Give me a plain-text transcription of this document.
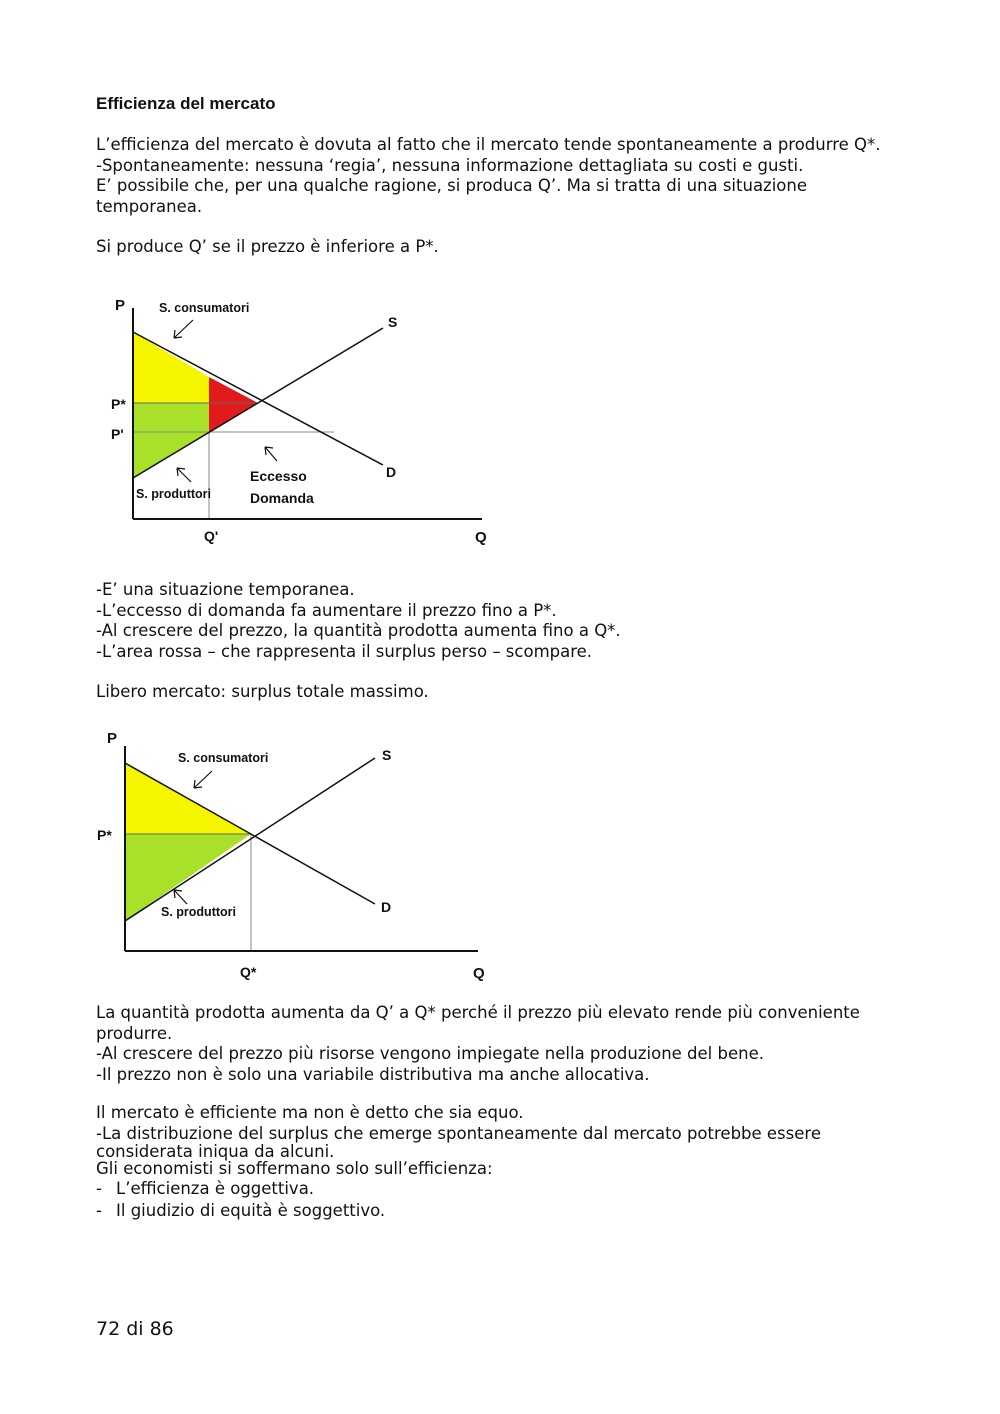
Efficienza del mercato

L’efficienza del mercato è dovuta al fatto che il mercato tende spontaneamente a produrre Q*.

-Spontaneamente: nessuna ‘regia’, nessuna informazione dettagliata su costi e gusti.

E’ possibile che, per una qualche ragione, si produca Q’. Ma si tratta di una situazione

temporanea.

Si produce Q’ se il prezzo è inferiore a P*.

P	S. consumatori
S
P*
P'
Eccesso
Domanda
D
S. produttori
Q'	Q

-E’ una situazione temporanea.

-L’eccesso di domanda fa aumentare il prezzo fino a P*.

-Al crescere del prezzo, la quantità prodotta aumenta fino a Q*.

-L’area rossa – che rappresenta il surplus perso – scompare.

Libero mercato: surplus totale massimo.

P
S. consumatori	S
P*
D
S. produttori
Q*	Q

La quantità prodotta aumenta da Q’ a Q* perché il prezzo più elevato rende più conveniente

produrre.

-Al crescere del prezzo più risorse vengono impiegate nella produzione del bene.

-Il prezzo non è solo una variabile distributiva ma anche allocativa.

Il mercato è efficiente ma non è detto che sia equo.

-La distribuzione del surplus che emerge spontaneamente dal mercato potrebbe essere

considerata iniqua da alcuni.

Gli economisti si soffermano solo sull’efficienza:

- L’efficienza è oggettiva.

- Il giudizio di equità è soggettivo.

72 di 86
